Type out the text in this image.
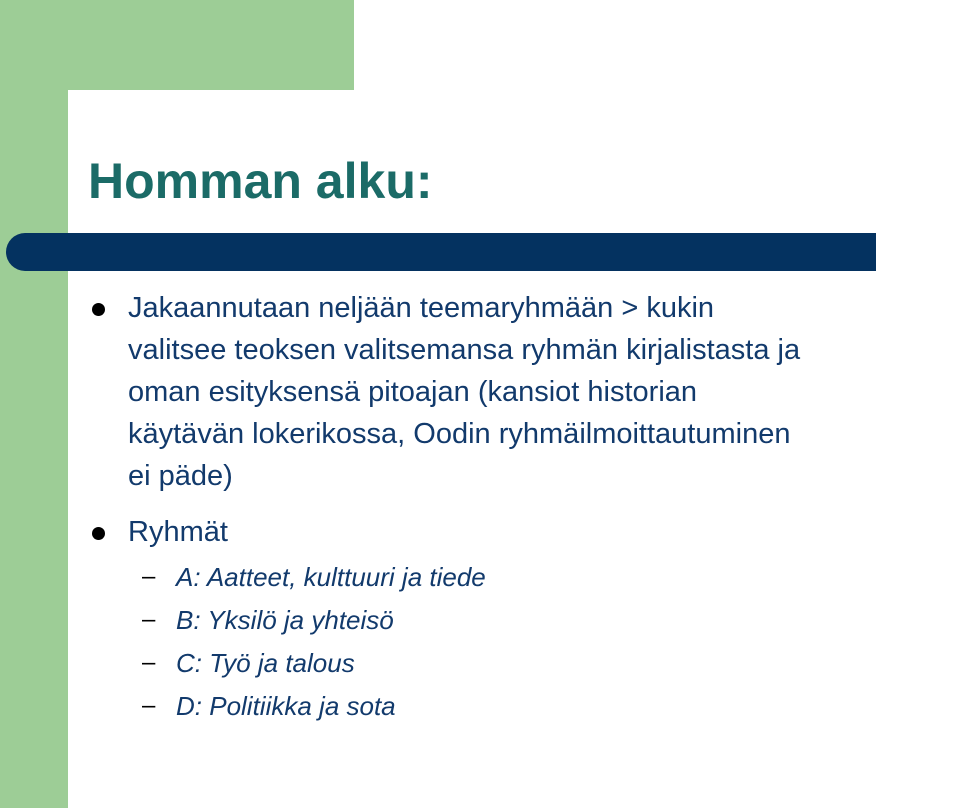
Homman alku:

Jakaannutaan neljään teemaryhmään > kukin
valitsee teoksen valitsemansa ryhmän kirjalistasta ja
oman esityksensä pitoajan (kansiot historian
käytävän lokerikossa, Oodin ryhmäilmoittautuminen
ei päde)

Ryhmät

– A: Aatteet, kulttuuri ja tiede
– B: Yksilö ja yhteisö
– C: Työ ja talous
– D: Politiikka ja sota
